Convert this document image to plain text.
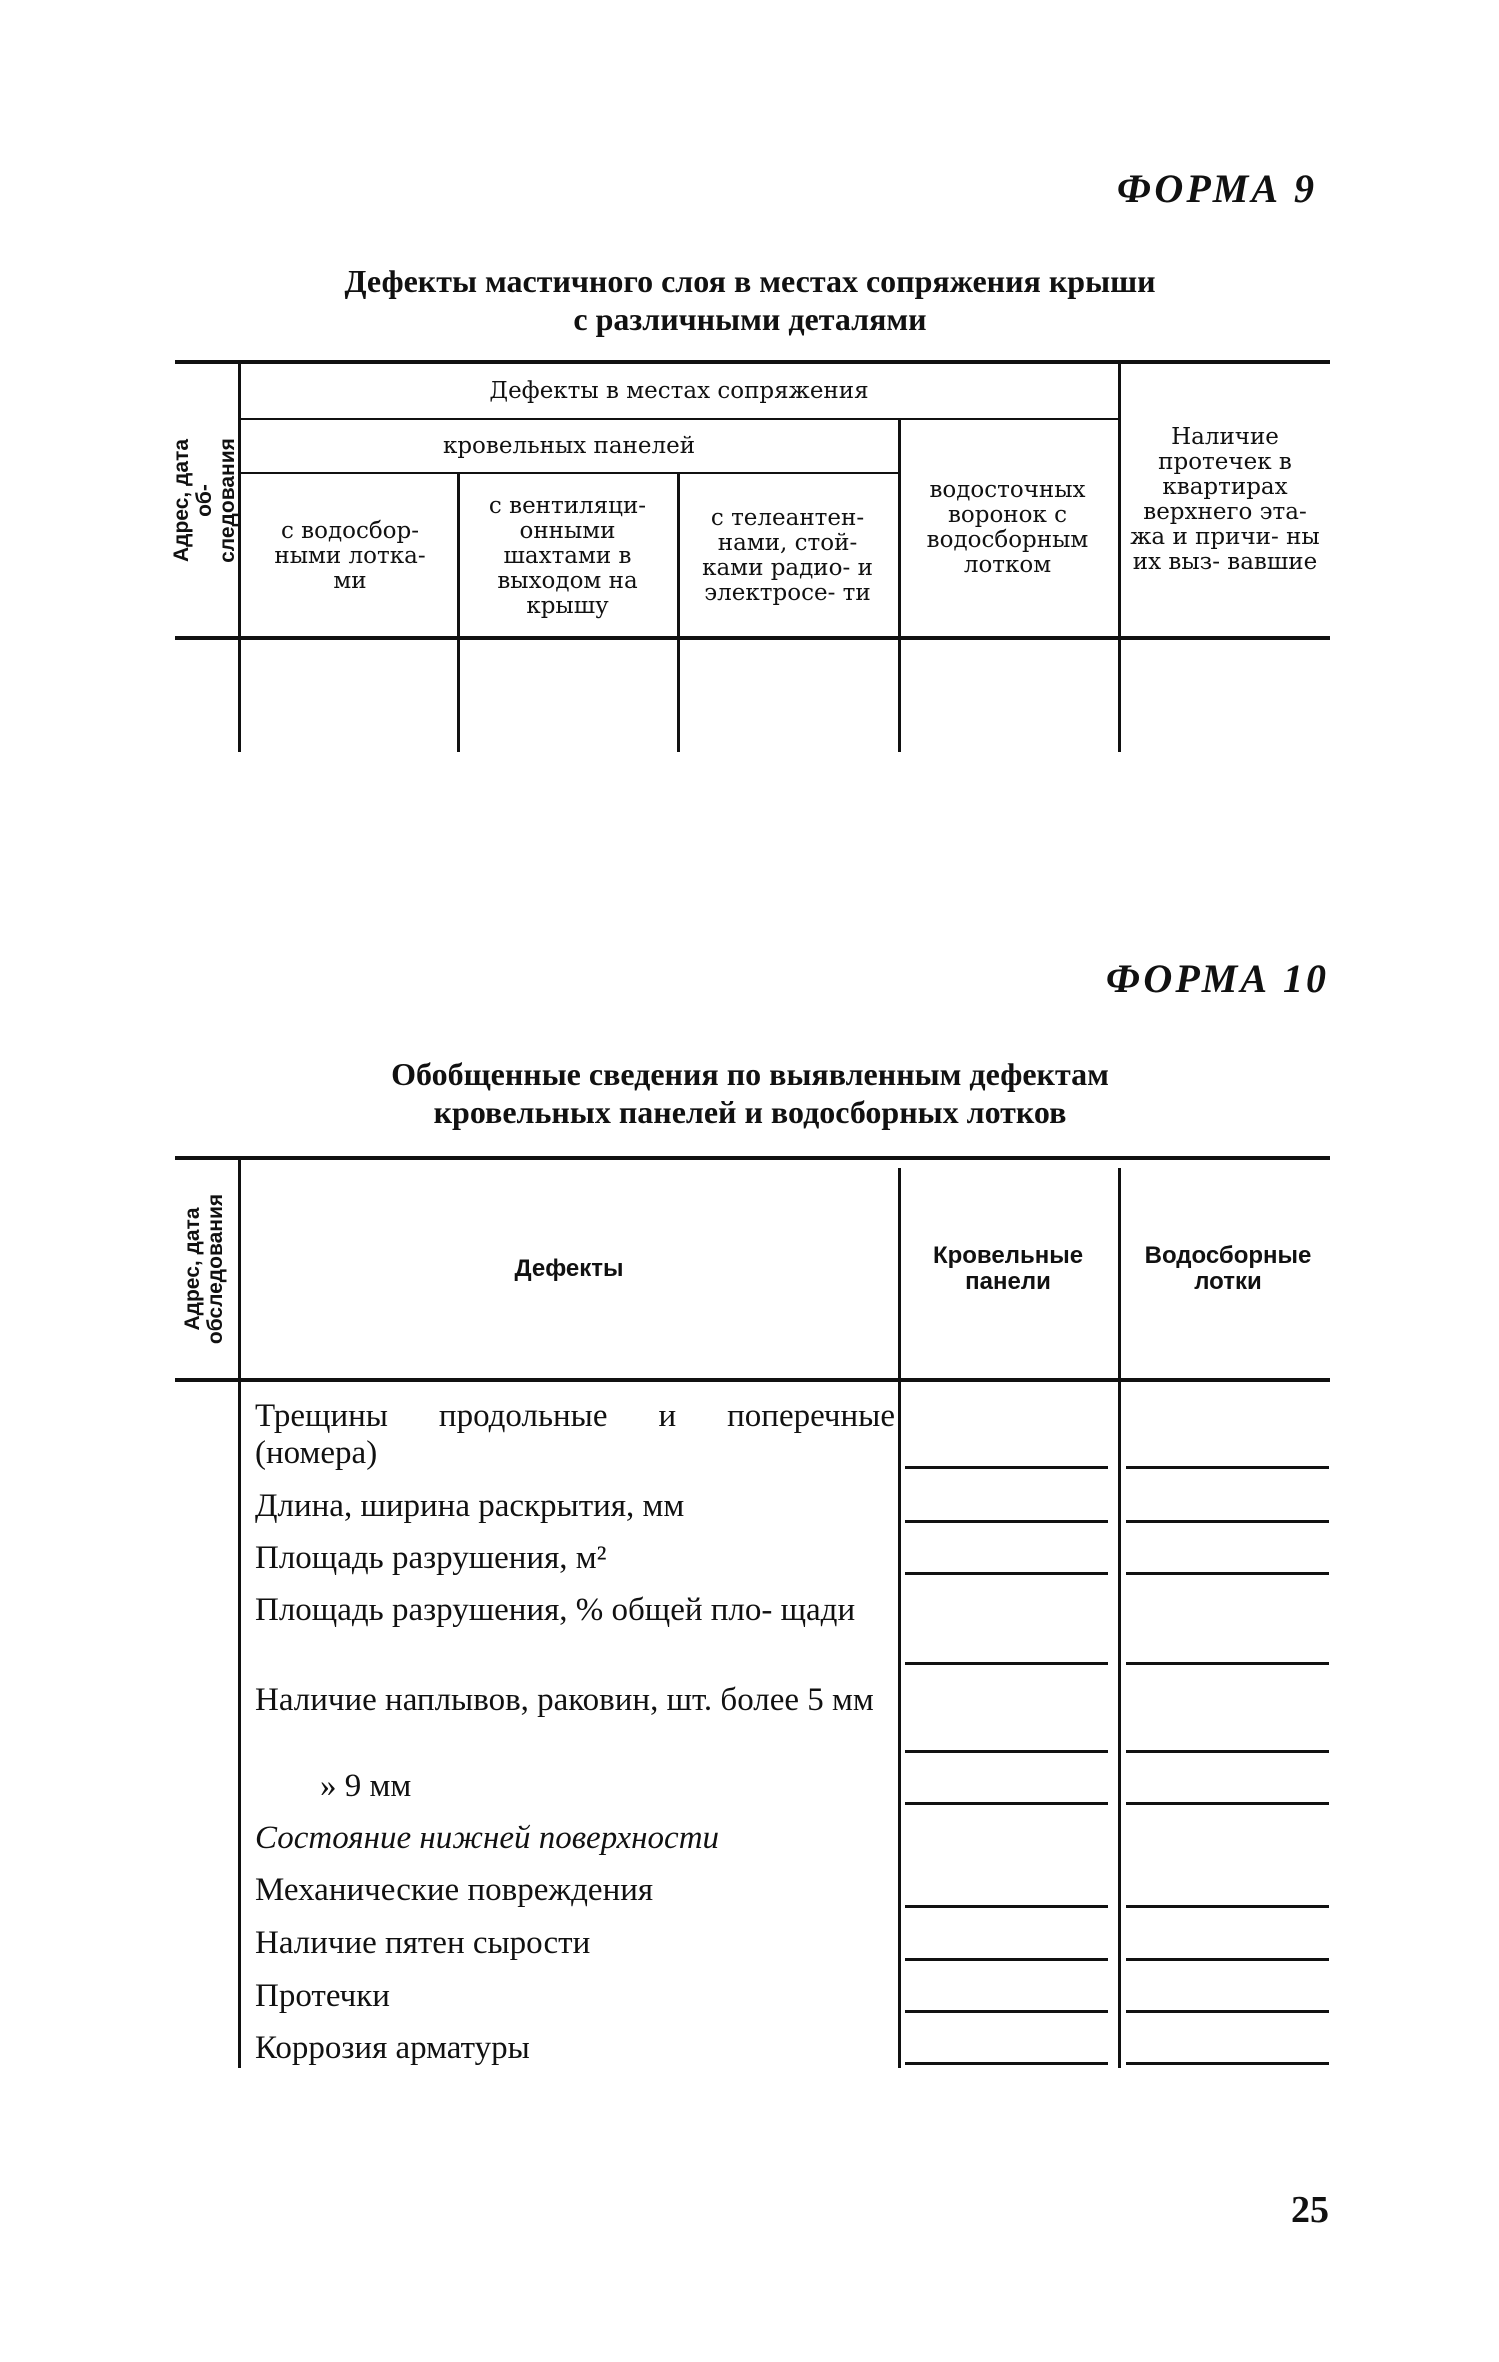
ФОРМА 9
Дефекты мастичного слоя в местах сопряжения крыши
с различными деталями
Адрес, дата об- следования
Дефекты в местах сопряжения
кровельных панелей
с водосбор- ными лотка- ми
с вентиляци- онными шахтами в выходом на крышу
с телеантен- нами, стой- ками радио- и электросе- ти
водосточных воронок с водосборным лотком
Наличие протечек в квартирах верхнего эта- жа и причи- ны их выз- вавшие
ФОРМА 10
Обобщенные сведения по выявленным дефектам
кровельных панелей и водосборных лотков
Адрес, дата обследования	Дефекты	Кровельные панели
Водосборные лотки
Трещины продольные и поперечные (номера)
Длина, ширина раскрытия, мм
Площадь разрушения, м²
Площадь разрушения, % общей пло- щади
Наличие наплывов, раковин, шт. более 5 мм
» 9 мм
Состояние нижней поверхности
Механические повреждения
Наличие пятен сырости
Протечки
Коррозия арматуры
25
